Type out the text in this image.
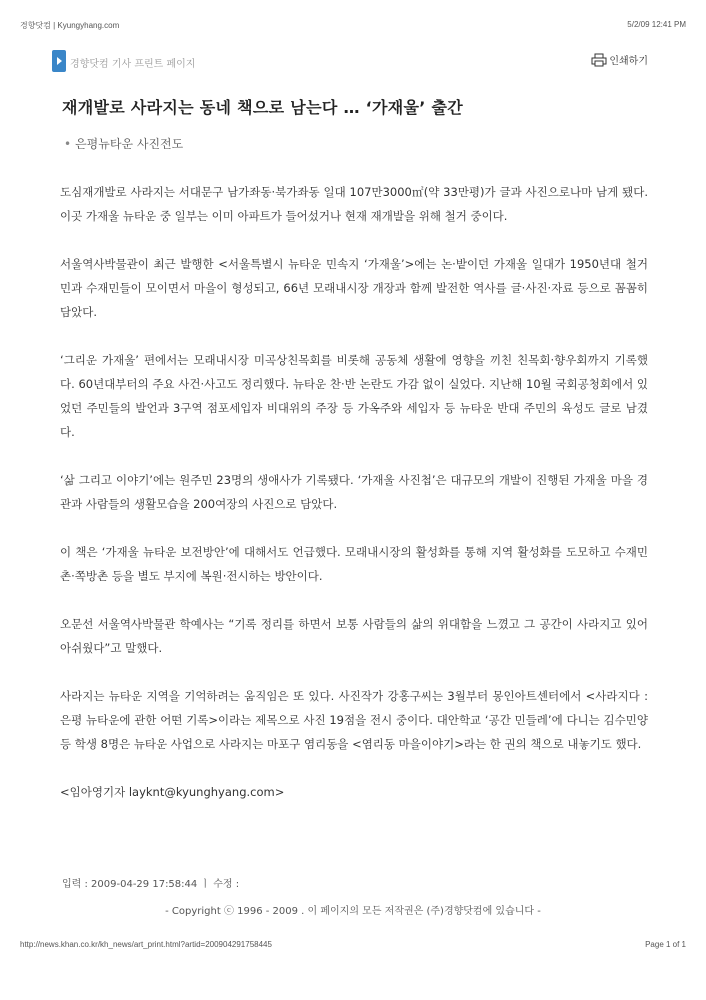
경향닷컴 | Kyungyhang.com	5/2/09 12:41 PM
경향닷컴 기사 프린트 페이지	인쇄하기
재개발로 사라지는 동네 책으로 남는다 … ‘가재울’ 출간
• 은평뉴타운 사진전도

도심재개발로 사라지는 서대문구 남가좌동·북가좌동 일대 107만3000㎡(약 33만평)가 글과 사진으로나마 남게 됐다. 이곳 가재울 뉴타운 중 일부는 이미 아파트가 들어섰거나 현재 재개발을 위해 철거 중이다.

서울역사박물관이 최근 발행한 <서울특별시 뉴타운 민속지 ‘가재울’>에는 논·밭이던 가재울 일대가 1950년대 철거민과 수재민들이 모이면서 마을이 형성되고, 66년 모래내시장 개장과 함께 발전한 역사를 글·사진·자료 등으로 꼼꼼히 담았다.

‘그리운 가재울’ 편에서는 모래내시장 미곡상친목회를 비롯해 공동체 생활에 영향을 끼친 친목회·향우회까지 기록했다. 60년대부터의 주요 사건·사고도 정리했다. 뉴타운 찬·반 논란도 가감 없이 실었다. 지난해 10월 국회공청회에서 있었던 주민들의 발언과 3구역 점포세입자 비대위의 주장 등 가옥주와 세입자 등 뉴타운 반대 주민의 육성도 글로 남겼다.

‘삶 그리고 이야기’에는 원주민 23명의 생애사가 기록됐다. ‘가재울 사진첩’은 대규모의 개발이 진행된 가재울 마을 경관과 사람들의 생활모습을 200여장의 사진으로 담았다.

이 책은 ‘가재울 뉴타운 보전방안’에 대해서도 언급했다. 모래내시장의 활성화를 통해 지역 활성화를 도모하고 수재민촌·쪽방촌 등을 별도 부지에 복원·전시하는 방안이다.

오문선 서울역사박물관 학예사는 “기록 정리를 하면서 보통 사람들의 삶의 위대함을 느꼈고 그 공간이 사라지고 있어 아쉬웠다”고 말했다.

사라지는 뉴타운 지역을 기억하려는 움직임은 또 있다. 사진작가 강홍구씨는 3월부터 몽인아트센터에서 <사라지다 : 은평 뉴타운에 관한 어떤 기록>이라는 제목으로 사진 19점을 전시 중이다. 대안학교 ‘공간 민들레’에 다니는 김수민양 등 학생 8명은 뉴타운 사업으로 사라지는 마포구 염리동을 <염리동 마을이야기>라는 한 권의 책으로 내놓기도 했다.

<임아영기자 layknt@kyunghyang.com>

입력 : 2009-04-29 17:58:44 ㅣ 수정 :
- Copyright ⓒ 1996 - 2009 . 이 페이지의 모든 저작권은 (주)경향닷컴에 있습니다 -
http://news.khan.co.kr/kh_news/art_print.html?artid=200904291758445	Page 1 of 1
